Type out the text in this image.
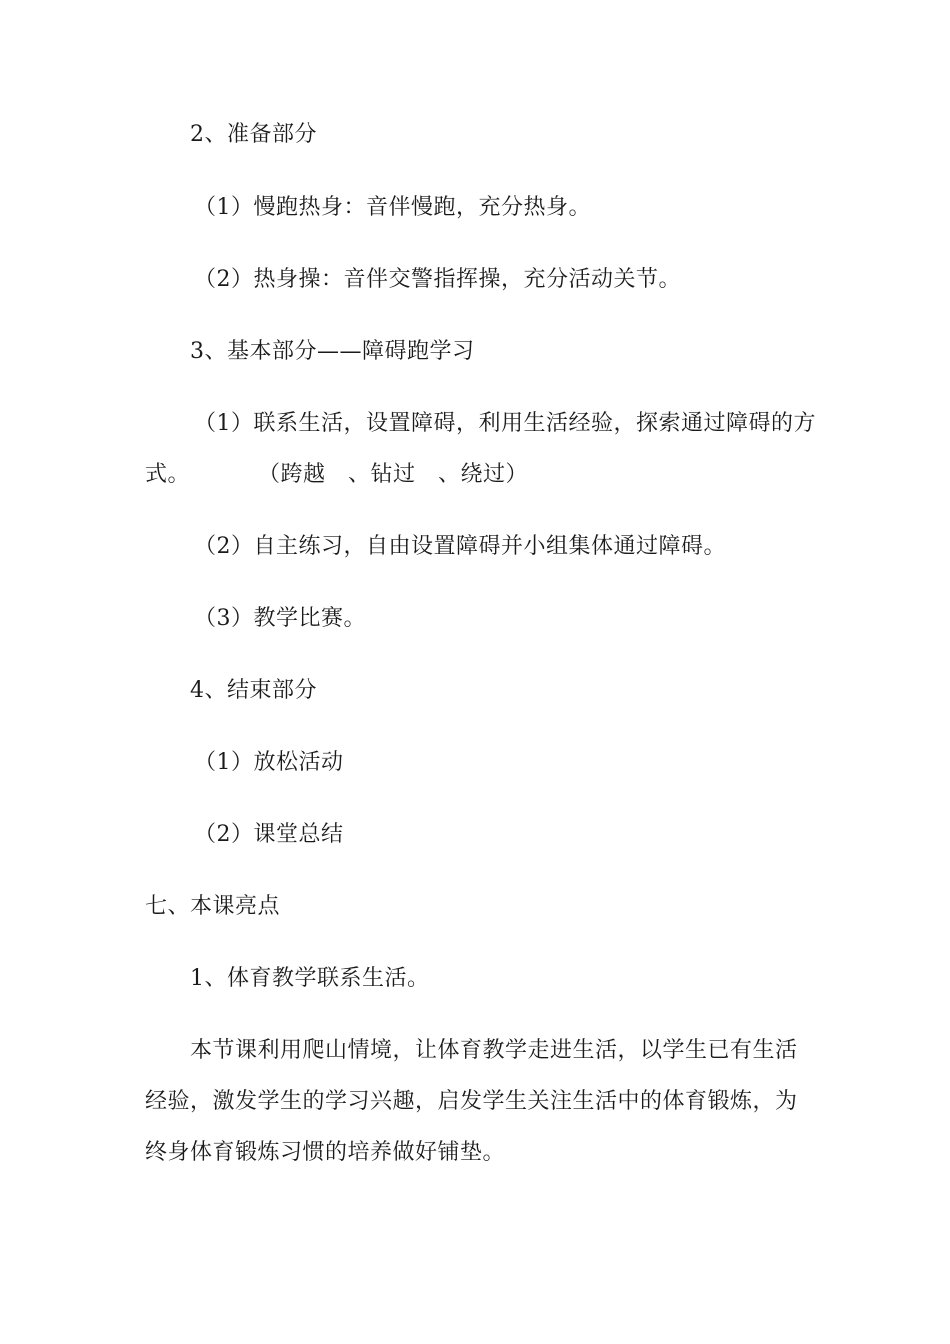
2、准备部分
（1）慢跑热身：音伴慢跑，充分热身。
（2）热身操：音伴交警指挥操，充分活动关节。
3、基本部分——障碍跑学习
（1）联系生活，设置障碍，利用生活经验，探索通过障碍的方
式。　　　　（跨越　、钻过　、绕过）
（2）自主练习，自由设置障碍并小组集体通过障碍。
（3）教学比赛。
4、结束部分
（1）放松活动
（2）课堂总结
七、本课亮点
1、体育教学联系生活。
本节课利用爬山情境，让体育教学走进生活，以学生已有生活
经验，激发学生的学习兴趣，启发学生关注生活中的体育锻炼，为
终身体育锻炼习惯的培养做好铺垫。
